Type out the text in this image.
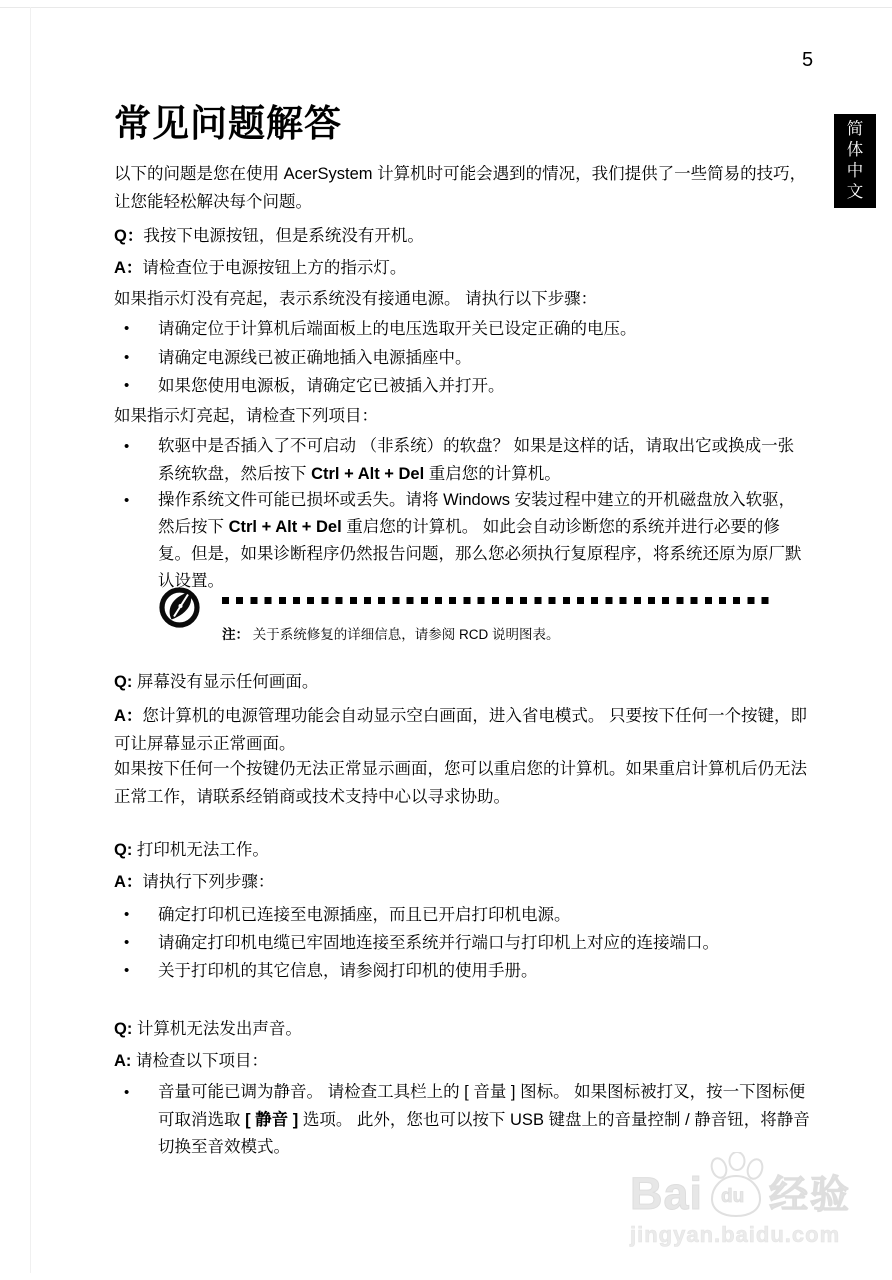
5
简体中文
常见问题解答
以下的问题是您在使用 AcerSystem 计算机时可能会遇到的情况，我们提供了一些简易的技巧，让您能轻松解决每个问题。
Q：我按下电源按钮，但是系统没有开机。
A：请检查位于电源按钮上方的指示灯。
如果指示灯没有亮起，表示系统没有接通电源。 请执行以下步骤：
•	请确定位于计算机后端面板上的电压选取开关已设定正确的电压。
•	请确定电源线已被正确地插入电源插座中。
•	如果您使用电源板，请确定它已被插入并打开。
如果指示灯亮起，请检查下列项目：
•	软驱中是否插入了不可启动 （非系统）的软盘？ 如果是这样的话，请取出它或换成一张系统软盘，然后按下 Ctrl + Alt + Del 重启您的计算机。
•	操作系统文件可能已损坏或丢失。请将 Windows 安装过程中建立的开机磁盘放入软驱，然后按下 Ctrl + Alt + Del 重启您的计算机。 如此会自动诊断您的系统并进行必要的修复。但是，如果诊断程序仍然报告问题，那么您必须执行复原程序，将系统还原为原厂默认设置。
注： 关于系统修复的详细信息，请参阅 RCD 说明图表。
Q: 屏幕没有显示任何画面。
A：您计算机的电源管理功能会自动显示空白画面，进入省电模式。 只要按下任何一个按键，即可让屏幕显示正常画面。
如果按下任何一个按键仍无法正常显示画面，您可以重启您的计算机。如果重启计算机后仍无法正常工作，请联系经销商或技术支持中心以寻求协助。
Q: 打印机无法工作。
A：请执行下列步骤：
•	确定打印机已连接至电源插座，而且已开启打印机电源。
•	请确定打印机电缆已牢固地连接至系统并行端口与打印机上对应的连接端口。
•	关于打印机的其它信息，请参阅打印机的使用手册。
Q: 计算机无法发出声音。
A: 请检查以下项目：
•	音量可能已调为静音。 请检查工具栏上的 [ 音量 ] 图标。 如果图标被打叉，按一下图标便可取消选取 [ 静音 ] 选项。 此外，您也可以按下 USB 键盘上的音量控制 / 静音钮，将静音切换至音效模式。
Bai du 经验
jingyan.baidu.com
